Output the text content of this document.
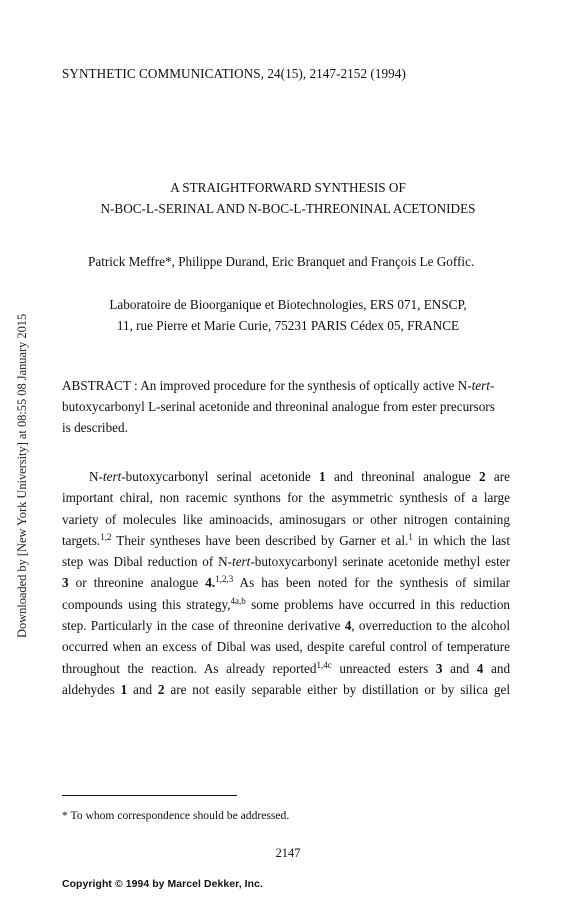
SYNTHETIC COMMUNICATIONS, 24(15), 2147-2152 (1994)
A STRAIGHTFORWARD SYNTHESIS OF
N-BOC-L-SERINAL AND N-BOC-L-THREONINAL ACETONIDES
Patrick Meffre*, Philippe Durand, Eric Branquet and François Le Goffic.
Laboratoire de Bioorganique et Biotechnologies, ERS 071, ENSCP,
11, rue Pierre et Marie Curie, 75231 PARIS Cédex 05, FRANCE
ABSTRACT : An improved procedure for the synthesis of optically active N-tert-
butoxycarbonyl L-serinal acetonide and threoninal analogue from ester precursors
is described.
N-tert-butoxycarbonyl serinal acetonide 1 and threoninal analogue 2 are
important chiral, non racemic synthons for the asymmetric synthesis of a large
variety of molecules like aminoacids, aminosugars or other nitrogen containing
targets.$^{1,2}$ Their syntheses have been described by Garner et al.$^1$ in which the last
step was Dibal reduction of N-tert-butoxycarbonyl serinate acetonide methyl ester
3 or threonine analogue 4.$^{1,2,3}$ As has been noted for the synthesis of similar
compounds using this strategy,$^{4a,b}$ some problems have occurred in this reduction
step. Particularly in the case of threonine derivative 4, overreduction to the alcohol
occurred when an excess of Dibal was used, despite careful control of temperature
throughout the reaction. As already reported$^{1,4c}$ unreacted esters 3 and 4 and
aldehydes 1 and 2 are not easily separable either by distillation or by silica gel
* To whom correspondence should be addressed.
2147
Copyright © 1994 by Marcel Dekker, Inc.
Downloaded by [New York University] at 08:55 08 January 2015
